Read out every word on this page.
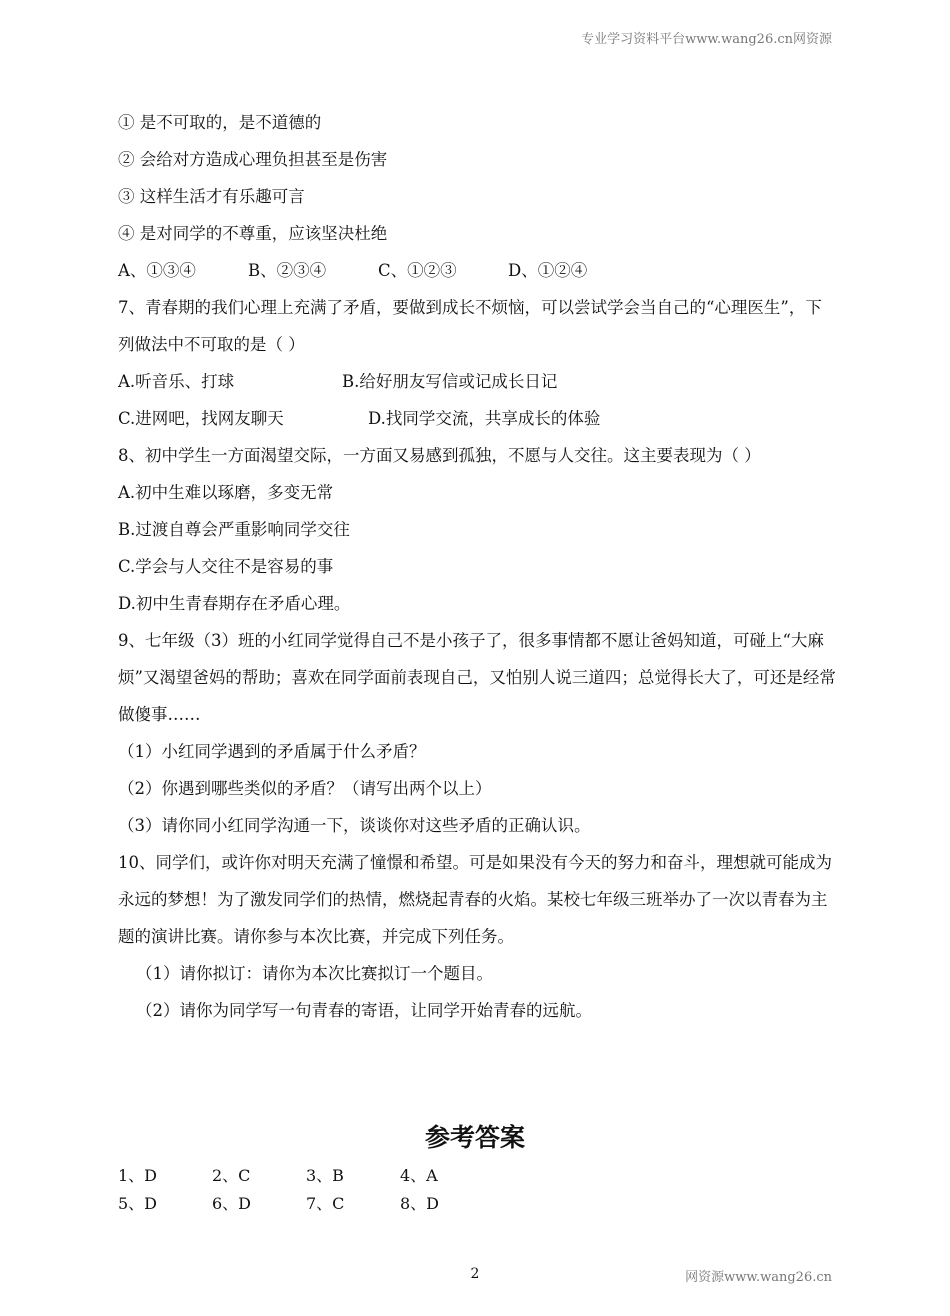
专业学习资料平台www.wang26.cn网资源
① 是不可取的，是不道德的
② 会给对方造成心理负担甚至是伤害
③ 这样生活才有乐趣可言
④ 是对同学的不尊重，应该坚决杜绝
A、①③④	B、②③④	C、①②③	D、①②④
7、青春期的我们心理上充满了矛盾，要做到成长不烦恼，可以尝试学会当自己的“心理医生”，下列做法中不可取的是（ ）
A.听音乐、打球	B.给好朋友写信或记成长日记
C.进网吧，找网友聊天	D.找同学交流，共享成长的体验
8、初中学生一方面渴望交际，一方面又易感到孤独，不愿与人交往。这主要表现为（ ）
A.初中生难以琢磨，多变无常
B.过渡自尊会严重影响同学交往
C.学会与人交往不是容易的事
D.初中生青春期存在矛盾心理。
9、七年级（3）班的小红同学觉得自己不是小孩子了，很多事情都不愿让爸妈知道，可碰上“大麻烦”又渴望爸妈的帮助；喜欢在同学面前表现自己，又怕别人说三道四；总觉得长大了，可还是经常做傻事……
（1）小红同学遇到的矛盾属于什么矛盾？
（2）你遇到哪些类似的矛盾？（请写出两个以上）
（3）请你同小红同学沟通一下，谈谈你对这些矛盾的正确认识。
10、同学们，或许你对明天充满了憧憬和希望。可是如果没有今天的努力和奋斗，理想就可能成为永远的梦想！为了激发同学们的热情，燃烧起青春的火焰。某校七年级三班举办了一次以青春为主题的演讲比赛。请你参与本次比赛，并完成下列任务。
（1）请你拟订：请你为本次比赛拟订一个题目。
（2）请你为同学写一句青春的寄语，让同学开始青春的远航。
参考答案
1、D	2、C	3、B	4、A
5、D	6、D	7、C	8、D
2	网资源www.wang26.cn
